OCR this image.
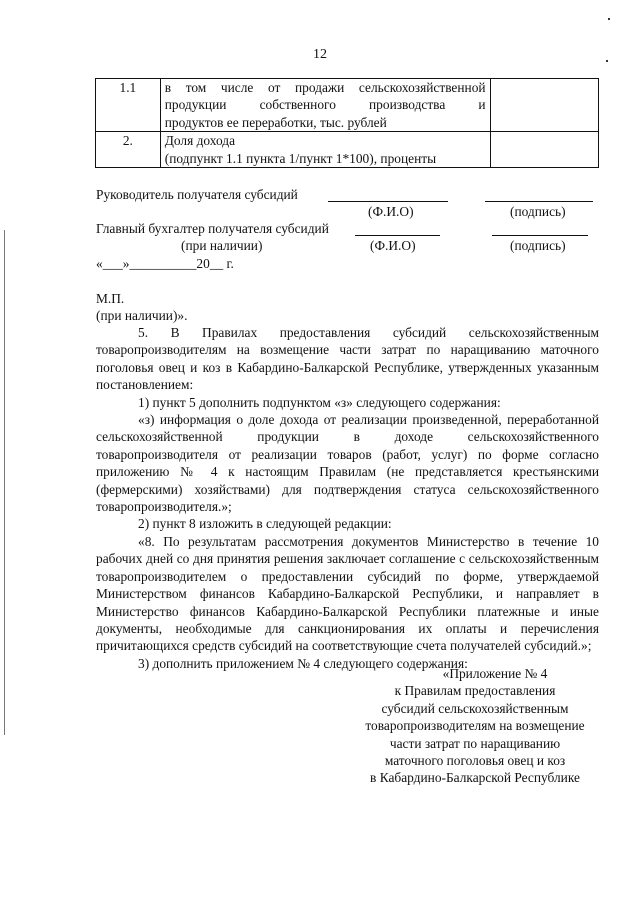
12
1.1	в том числе от продажи сельскохозяйственной
продукции собственного производства и
продуктов ее переработки, тыс. рублей	

2.	Доля дохода
(подпункт 1.1 пункта 1/пункт 1*100), проценты	

Руководитель получателя субсидий
(Ф.И.О)	(подпись)
Главный бухгалтер получателя субсидий
(при наличии)	(Ф.И.О)	(подпись)
«___»__________20__ г.
М.П.
(при наличии)».

5. В Правилах предоставления субсидий сельскохозяйственным товаропроизводителям на возмещение части затрат по наращиванию маточного поголовья овец и коз в Кабардино-Балкарской Республике, утвержденных указанным постановлением:

1) пункт 5 дополнить подпунктом «з» следующего содержания:

«з) информация о доле дохода от реализации произведенной, переработанной сельскохозяйственной продукции в доходе сельскохозяйственного товаропроизводителя от реализации товаров (работ, услуг) по форме согласно приложению № 4 к настоящим Правилам (не представляется крестьянскими (фермерскими) хозяйствами) для подтверждения статуса сельскохозяйственного товаропроизводителя.»;

2) пункт 8 изложить в следующей редакции:

«8. По результатам рассмотрения документов Министерство в течение 10 рабочих дней со дня принятия решения заключает соглашение с сельскохозяйственным товаропроизводителем о предоставлении субсидий по форме, утверждаемой Министерством финансов Кабардино-Балкарской Республики, и направляет в Министерство финансов Кабардино-Балкарской Республики платежные и иные документы, необходимые для санкционирования их оплаты и перечисления причитающихся средств субсидий на соответствующие счета получателей субсидий.»;

3) дополнить приложением № 4 следующего содержания:

«Приложение № 4
к Правилам предоставления
субсидий сельскохозяйственным
товаропроизводителям на возмещение
части затрат по наращиванию
маточного поголовья овец и коз
в Кабардино-Балкарской Республике
